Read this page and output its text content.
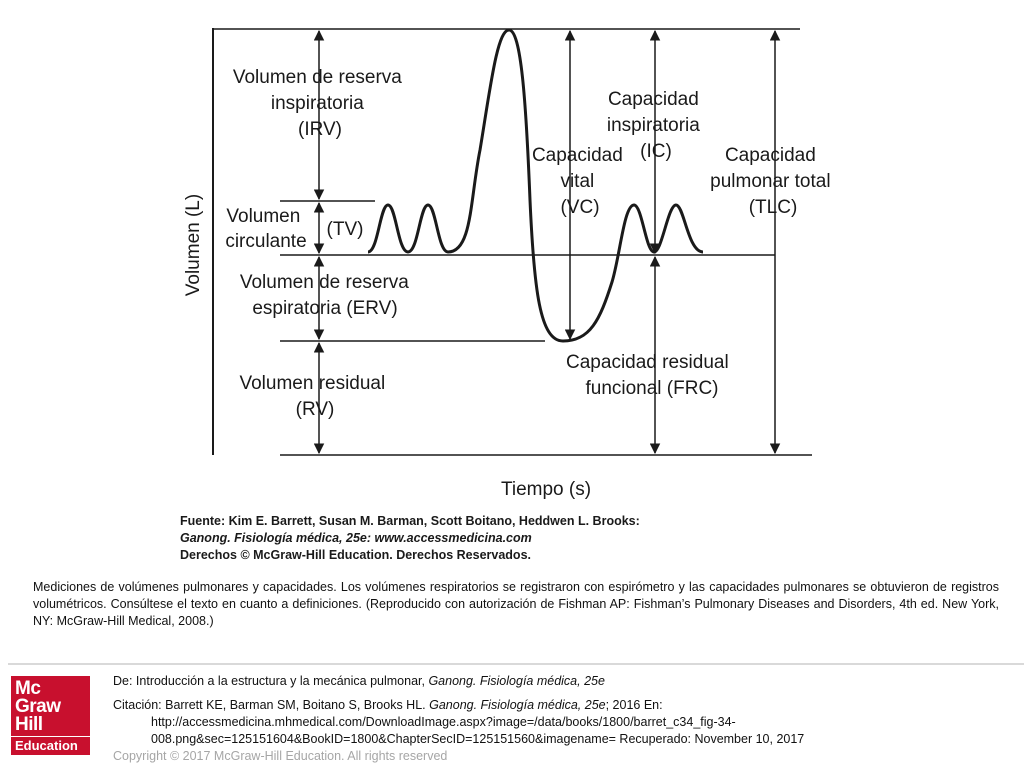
Volumen de reserva inspiratoria (IRV)
Volumen circulante
(TV)
Volumen de reserva espiratoria (ERV)
Volumen residual (RV)
Capacidad inspiratoria (IC)
Capacidad vital (VC)
Capacidad pulmonar total (TLC)
Capacidad residual funcional (FRC)
Volumen (L)
Tiempo (s)
Fuente: Kim E. Barrett, Susan M. Barman, Scott Boitano, Heddwen L. Brooks: Ganong. Fisiología médica, 25e: www.accessmedicina.com Derechos © McGraw-Hill Education. Derechos Reservados.
Mediciones de volúmenes pulmonares y capacidades. Los volúmenes respiratorios se registraron con espirómetro y las capacidades pulmonares se obtuvieron de registros volumétricos. Consúltese el texto en cuanto a definiciones. (Reproducido con autorización de Fishman AP: Fishman’s Pulmonary Diseases and Disorders, 4th ed. New York, NY: McGraw-Hill Medical, 2008.)
Mc
Graw
Hill
Education
De: Introducción a la estructura y la mecánica pulmonar, Ganong. Fisiología médica, 25e
Citación: Barrett KE, Barman SM, Boitano S, Brooks HL. Ganong. Fisiología médica, 25e; 2016 En:
http://accessmedicina.mhmedical.com/DownloadImage.aspx?image=/data/books/1800/barret_c34_fig-34-
008.png&sec=125151604&BookID=1800&ChapterSecID=125151560&imagename= Recuperado: November 10, 2017
Copyright © 2017 McGraw-Hill Education. All rights reserved
